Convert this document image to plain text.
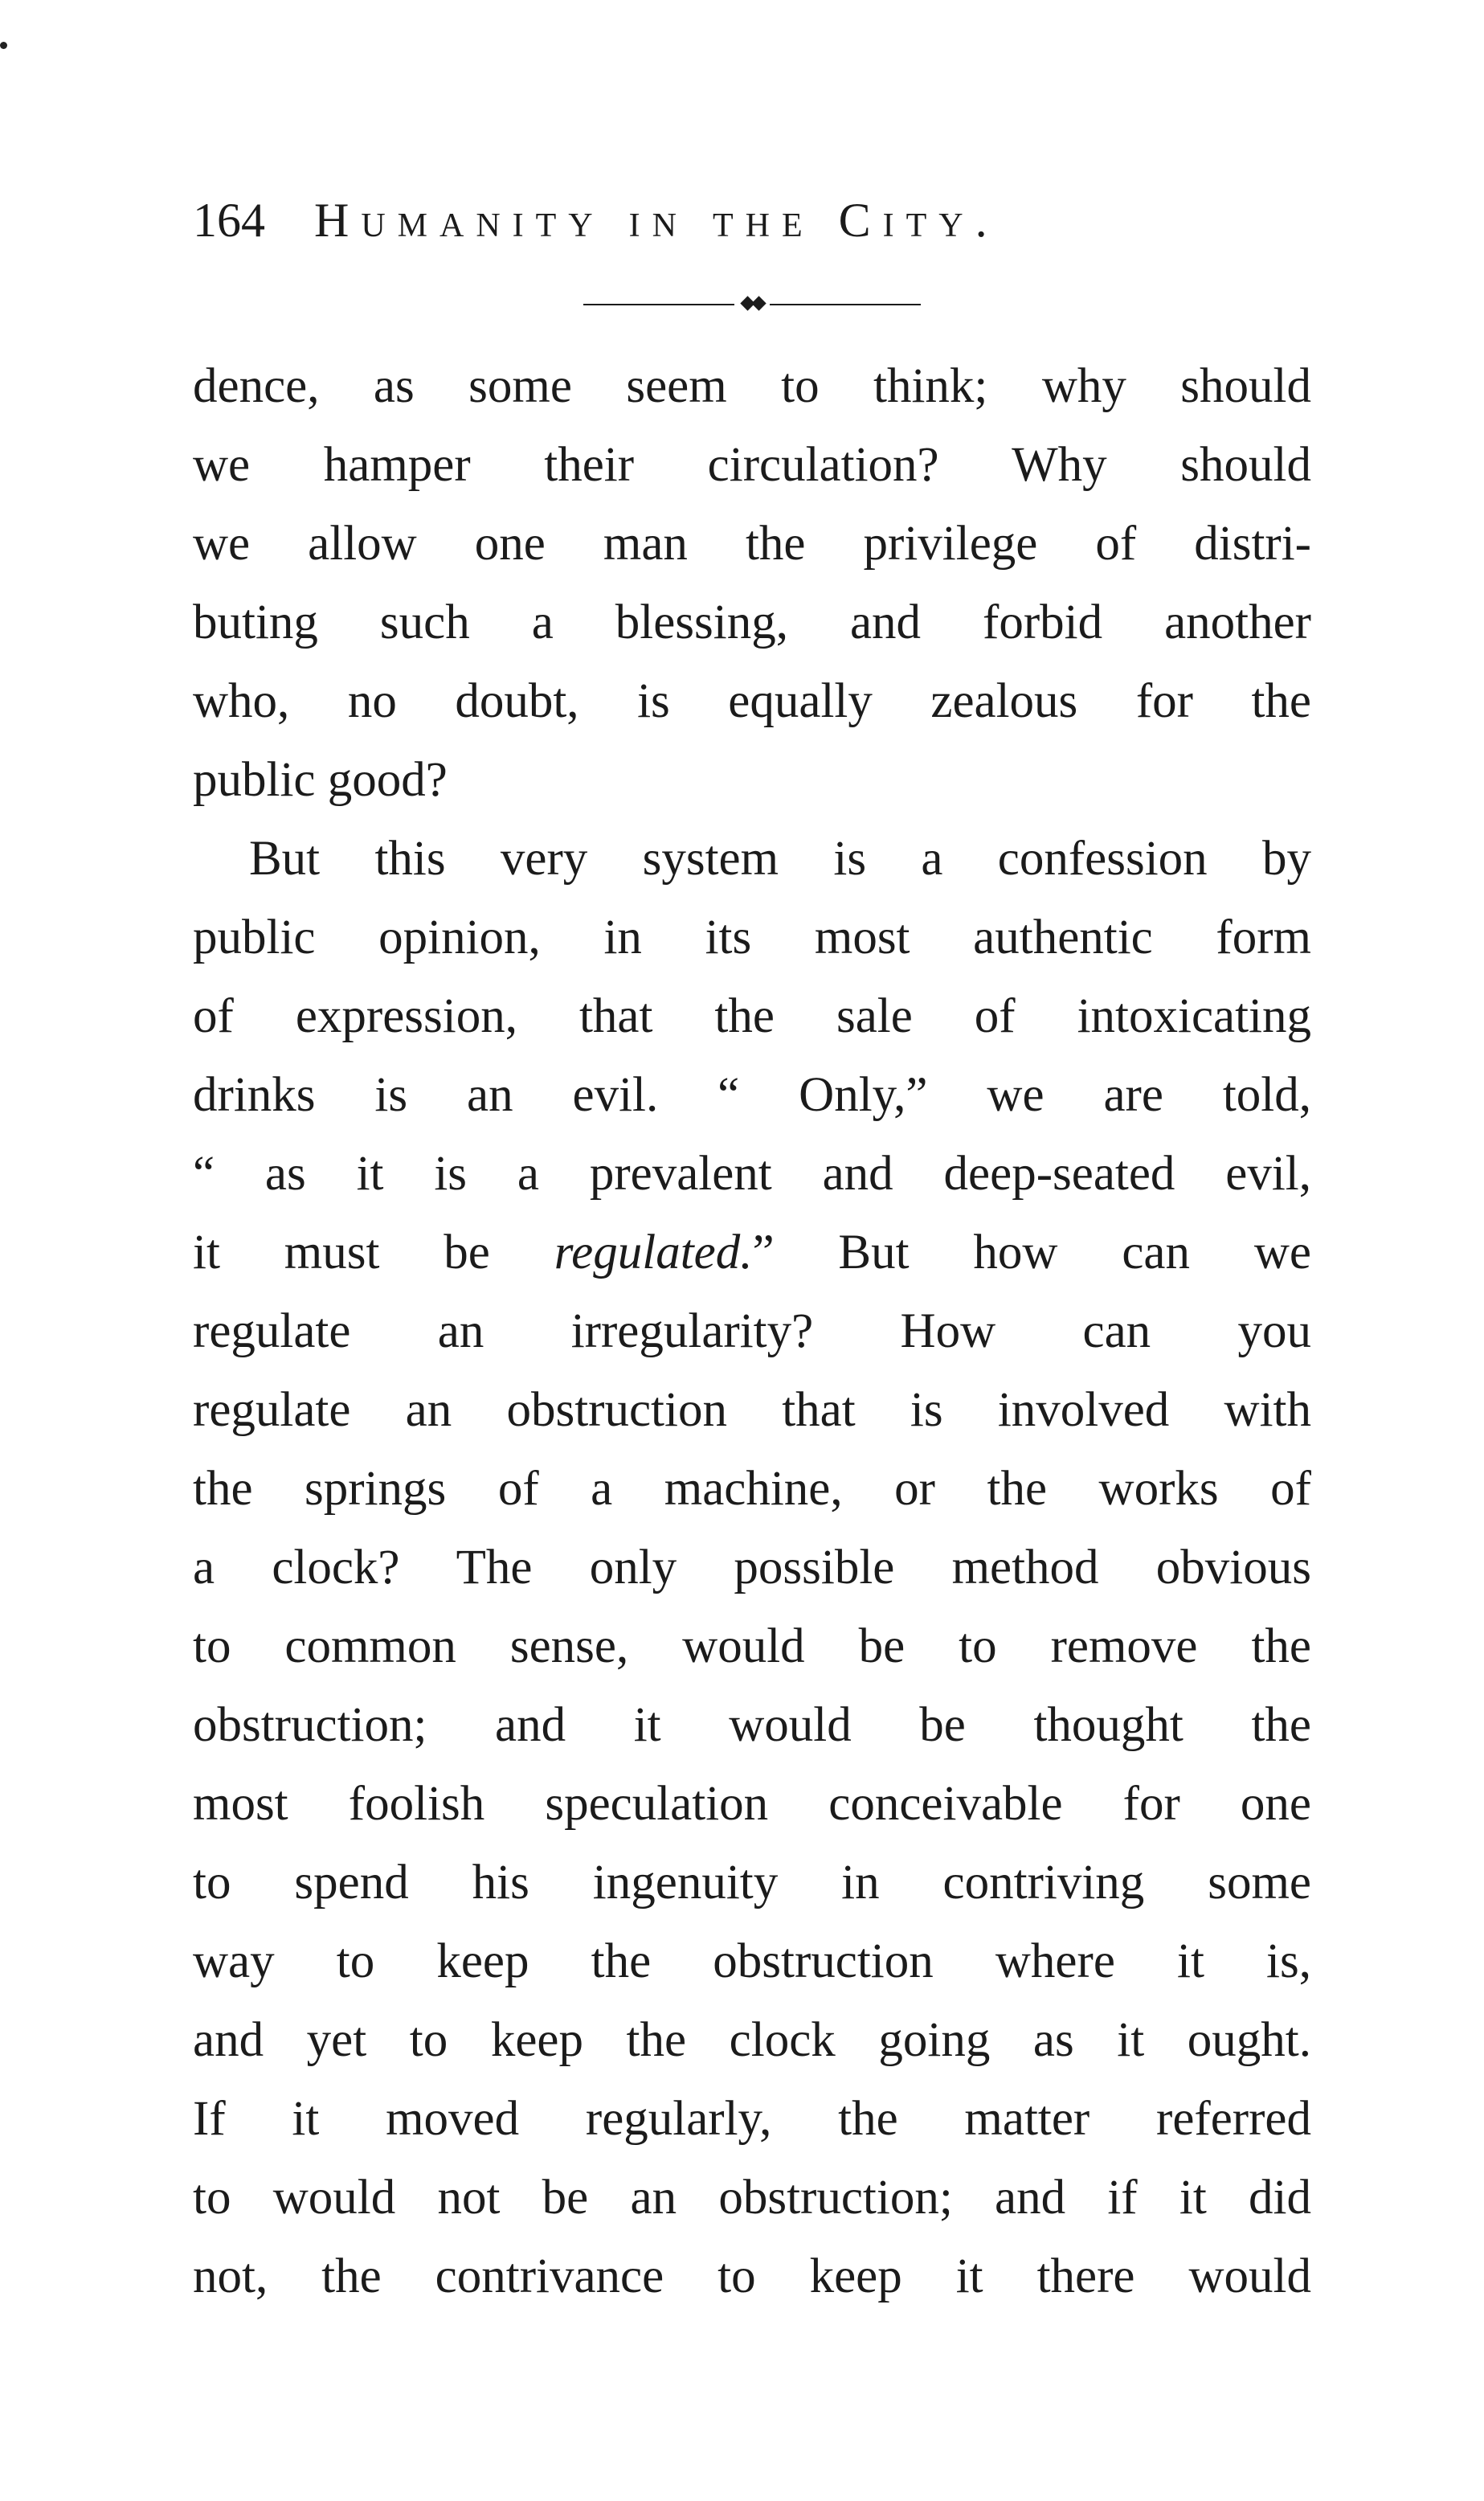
164 Humanity in the City.
dence, as some seem to think; why should
we hamper their circulation? Why should
we allow one man the privilege of distri-
buting such a blessing, and forbid another
who, no doubt, is equally zealous for the
public good?
But this very system is a confession by
public opinion, in its most authentic form
of expression, that the sale of intoxicating
drinks is an evil. “ Only,” we are told,
“ as it is a prevalent and deep-seated evil,
it must be regulated.” But how can we
regulate an irregularity? How can you
regulate an obstruction that is involved with
the springs of a machine, or the works of
a clock? The only possible method obvious
to common sense, would be to remove the
obstruction; and it would be thought the
most foolish speculation conceivable for one
to spend his ingenuity in contriving some
way to keep the obstruction where it is,
and yet to keep the clock going as it ought.
If it moved regularly, the matter referred
to would not be an obstruction; and if it did
not, the contrivance to keep it there would
